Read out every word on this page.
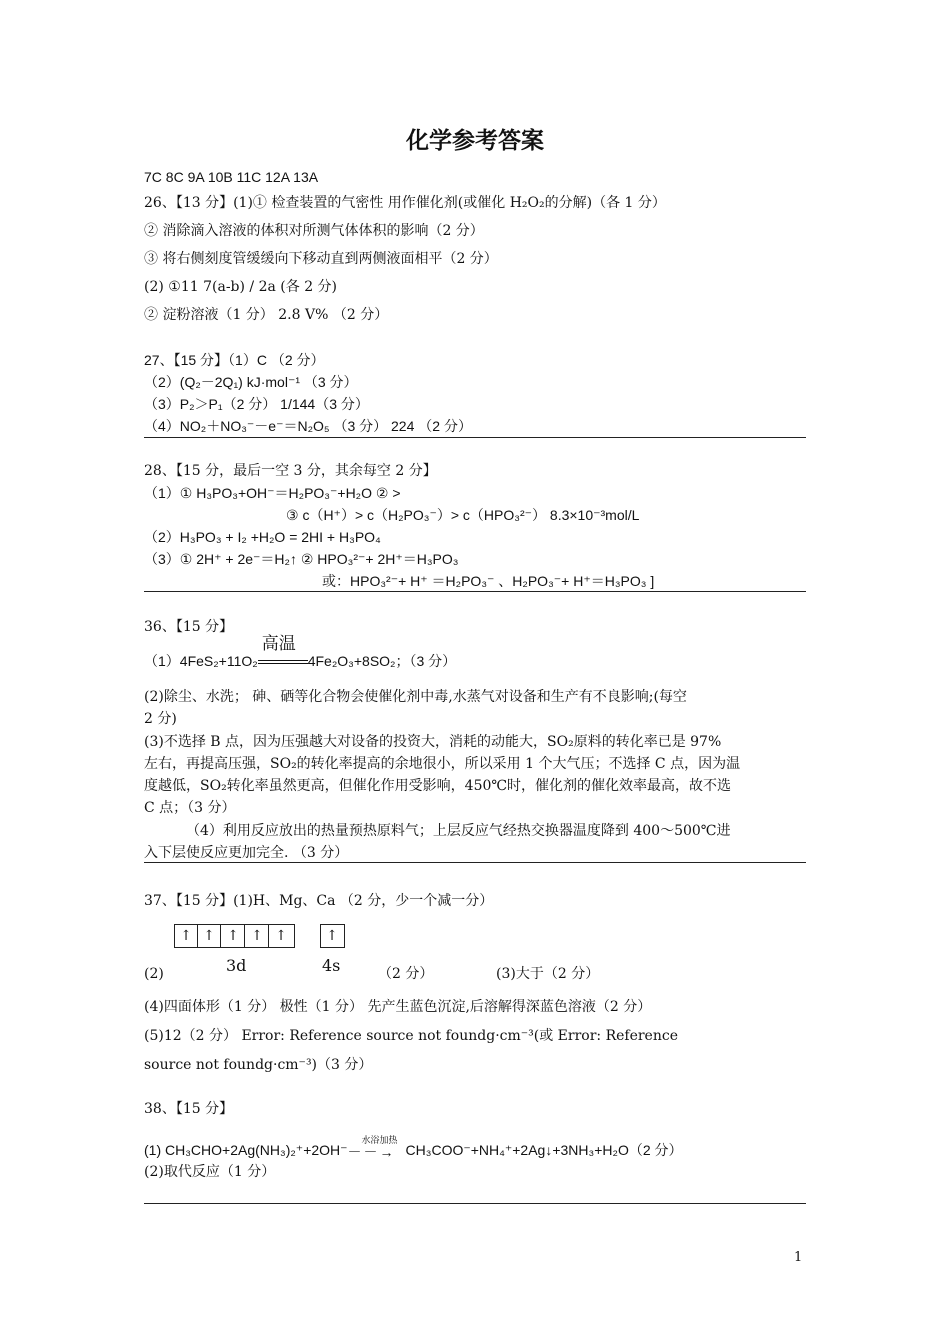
化学参考答案
7C 8C 9A 10B 11C 12A 13A
26、【13 分】(1)① 检查装置的气密性 用作催化剂(或催化 H₂O₂的分解)（各 1 分）
② 消除滴入溶液的体积对所测气体体积的影响（2 分）
③ 将右侧刻度管缓缓向下移动直到两侧液面相平（2 分）
(2) ①11 7(a-b) / 2a (各 2 分)
② 淀粉溶液（1 分） 2.8 V% （2 分）
27、【15 分】（1）C （2 分）
（2）(Q₂－2Q₁) kJ·mol⁻¹ （3 分）
（3）P₂＞P₁（2 分） 1/144（3 分）
（4）NO₂＋NO₃⁻－e⁻＝N₂O₅ （3 分） 224 （2 分）
28、【15 分，最后一空 3 分，其余每空 2 分】
（1）① H₃PO₃+OH⁻＝H₂PO₃⁻+H₂O ② >
③ c（H⁺）> c（H₂PO₃⁻）> c（HPO₃²⁻） 8.3×10⁻³mol/L
（2）H₃PO₃ + I₂ +H₂O = 2HI + H₃PO₄
（3）① 2H⁺ + 2e⁻＝H₂↑ ② HPO₃²⁻+ 2H⁺＝H₃PO₃
或：HPO₃²⁻+ H⁺ ＝H₂PO₃⁻ 、H₂PO₃⁻+ H⁺＝H₃PO₃ ]
36、【15 分】
（1）4FeS₂+11O₂
高温
4Fe₂O₃+8SO₂；（3 分）
(2)除尘、水洗； 砷、硒等化合物会使催化剂中毒,水蒸气对设备和生产有不良影响;(每空
2 分)
(3)不选择 B 点，因为压强越大对设备的投资大，消耗的动能大，SO₂原料的转化率已是 97%
左右，再提高压强，SO₂的转化率提高的余地很小，所以采用 1 个大气压；不选择 C 点，因为温
度越低，SO₂转化率虽然更高，但催化作用受影响，450℃时，催化剂的催化效率最高，故不选
C 点；（3 分）
（4）利用反应放出的热量预热原料气；上层反应气经热交换器温度降到 400～500℃进
入下层使反应更加完全. （3 分）
37、【15 分】(1)H、Mg、Ca （2 分，少一个减一分）
↑ ↑ ↑ ↑ ↑	↑
(2)	3d	4s	（2 分）	(3)大于（2 分）
(4)四面体形（1 分） 极性（1 分） 先产生蓝色沉淀,后溶解得深蓝色溶液（2 分）
(5)12（2 分） Error: Reference source not foundg·cm⁻³(或 Error: Reference
source not foundg·cm⁻³)（3 分）
38、【15 分】
(1) CH₃CHO+2Ag(NH₃)₂⁺+2OH⁻
水浴加热
－－→ CH₃COO⁻+NH₄⁺+2Ag↓+3NH₃+H₂O（2 分）
(2)取代反应（1 分）
1
